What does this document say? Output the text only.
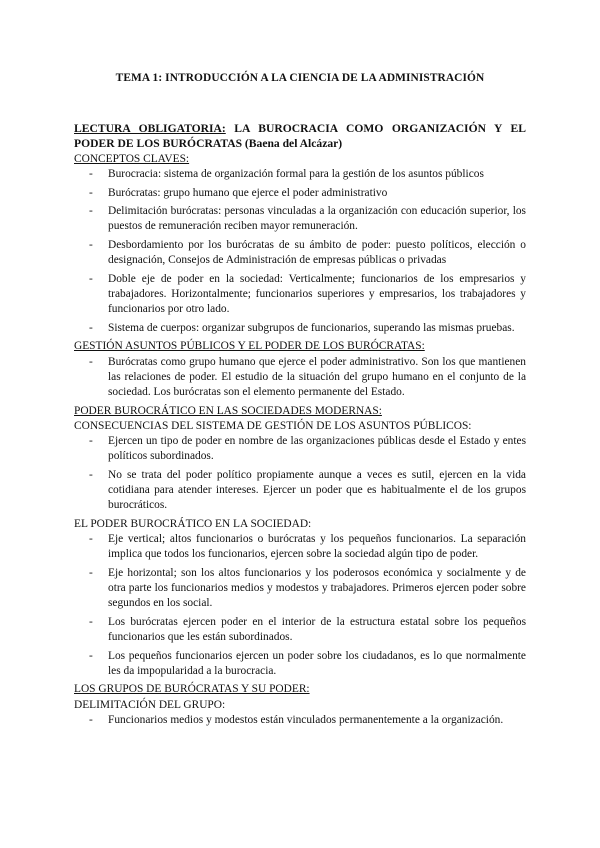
TEMA 1: INTRODUCCIÓN A LA CIENCIA DE LA ADMINISTRACIÓN
LECTURA OBLIGATORIA: LA BUROCRACIA COMO ORGANIZACIÓN Y EL PODER DE LOS BURÓCRATAS (Baena del Alcázar)
CONCEPTOS CLAVES:
- Burocracia: sistema de organización formal para la gestión de los asuntos públicos
- Burócratas: grupo humano que ejerce el poder administrativo
- Delimitación burócratas: personas vinculadas a la organización con educación superior, los puestos de remuneración reciben mayor remuneración.
- Desbordamiento por los burócratas de su ámbito de poder: puesto políticos, elección o designación, Consejos de Administración de empresas públicas o privadas
- Doble eje de poder en la sociedad: Verticalmente; funcionarios de los empresarios y trabajadores. Horizontalmente; funcionarios superiores y empresarios, los trabajadores y funcionarios por otro lado.
- Sistema de cuerpos: organizar subgrupos de funcionarios, superando las mismas pruebas.
GESTIÓN ASUNTOS PÚBLICOS Y EL PODER DE LOS BURÓCRATAS:
- Burócratas como grupo humano que ejerce el poder administrativo. Son los que mantienen las relaciones de poder. El estudio de la situación del grupo humano en el conjunto de la sociedad. Los burócratas son el elemento permanente del Estado.
PODER BUROCRÁTICO EN LAS SOCIEDADES MODERNAS:
CONSECUENCIAS DEL SISTEMA DE GESTIÓN DE LOS ASUNTOS PÚBLICOS:
- Ejercen un tipo de poder en nombre de las organizaciones públicas desde el Estado y entes políticos subordinados.
- No se trata del poder político propiamente aunque a veces es sutil, ejercen en la vida cotidiana para atender intereses. Ejercer un poder que es habitualmente el de los grupos burocráticos.
EL PODER BUROCRÁTICO EN LA SOCIEDAD:
- Eje vertical; altos funcionarios o burócratas y los pequeños funcionarios. La separación implica que todos los funcionarios, ejercen sobre la sociedad algún tipo de poder.
- Eje horizontal; son los altos funcionarios y los poderosos económica y socialmente y de otra parte los funcionarios medios y modestos y trabajadores. Primeros ejercen poder sobre segundos en los social.
- Los burócratas ejercen poder en el interior de la estructura estatal sobre los pequeños funcionarios que les están subordinados.
- Los pequeños funcionarios ejercen un poder sobre los ciudadanos, es lo que normalmente les da impopularidad a la burocracia.
LOS GRUPOS DE BURÓCRATAS Y SU PODER:
DELIMITACIÓN DEL GRUPO:
- Funcionarios medios y modestos están vinculados permanentemente a la organización.
